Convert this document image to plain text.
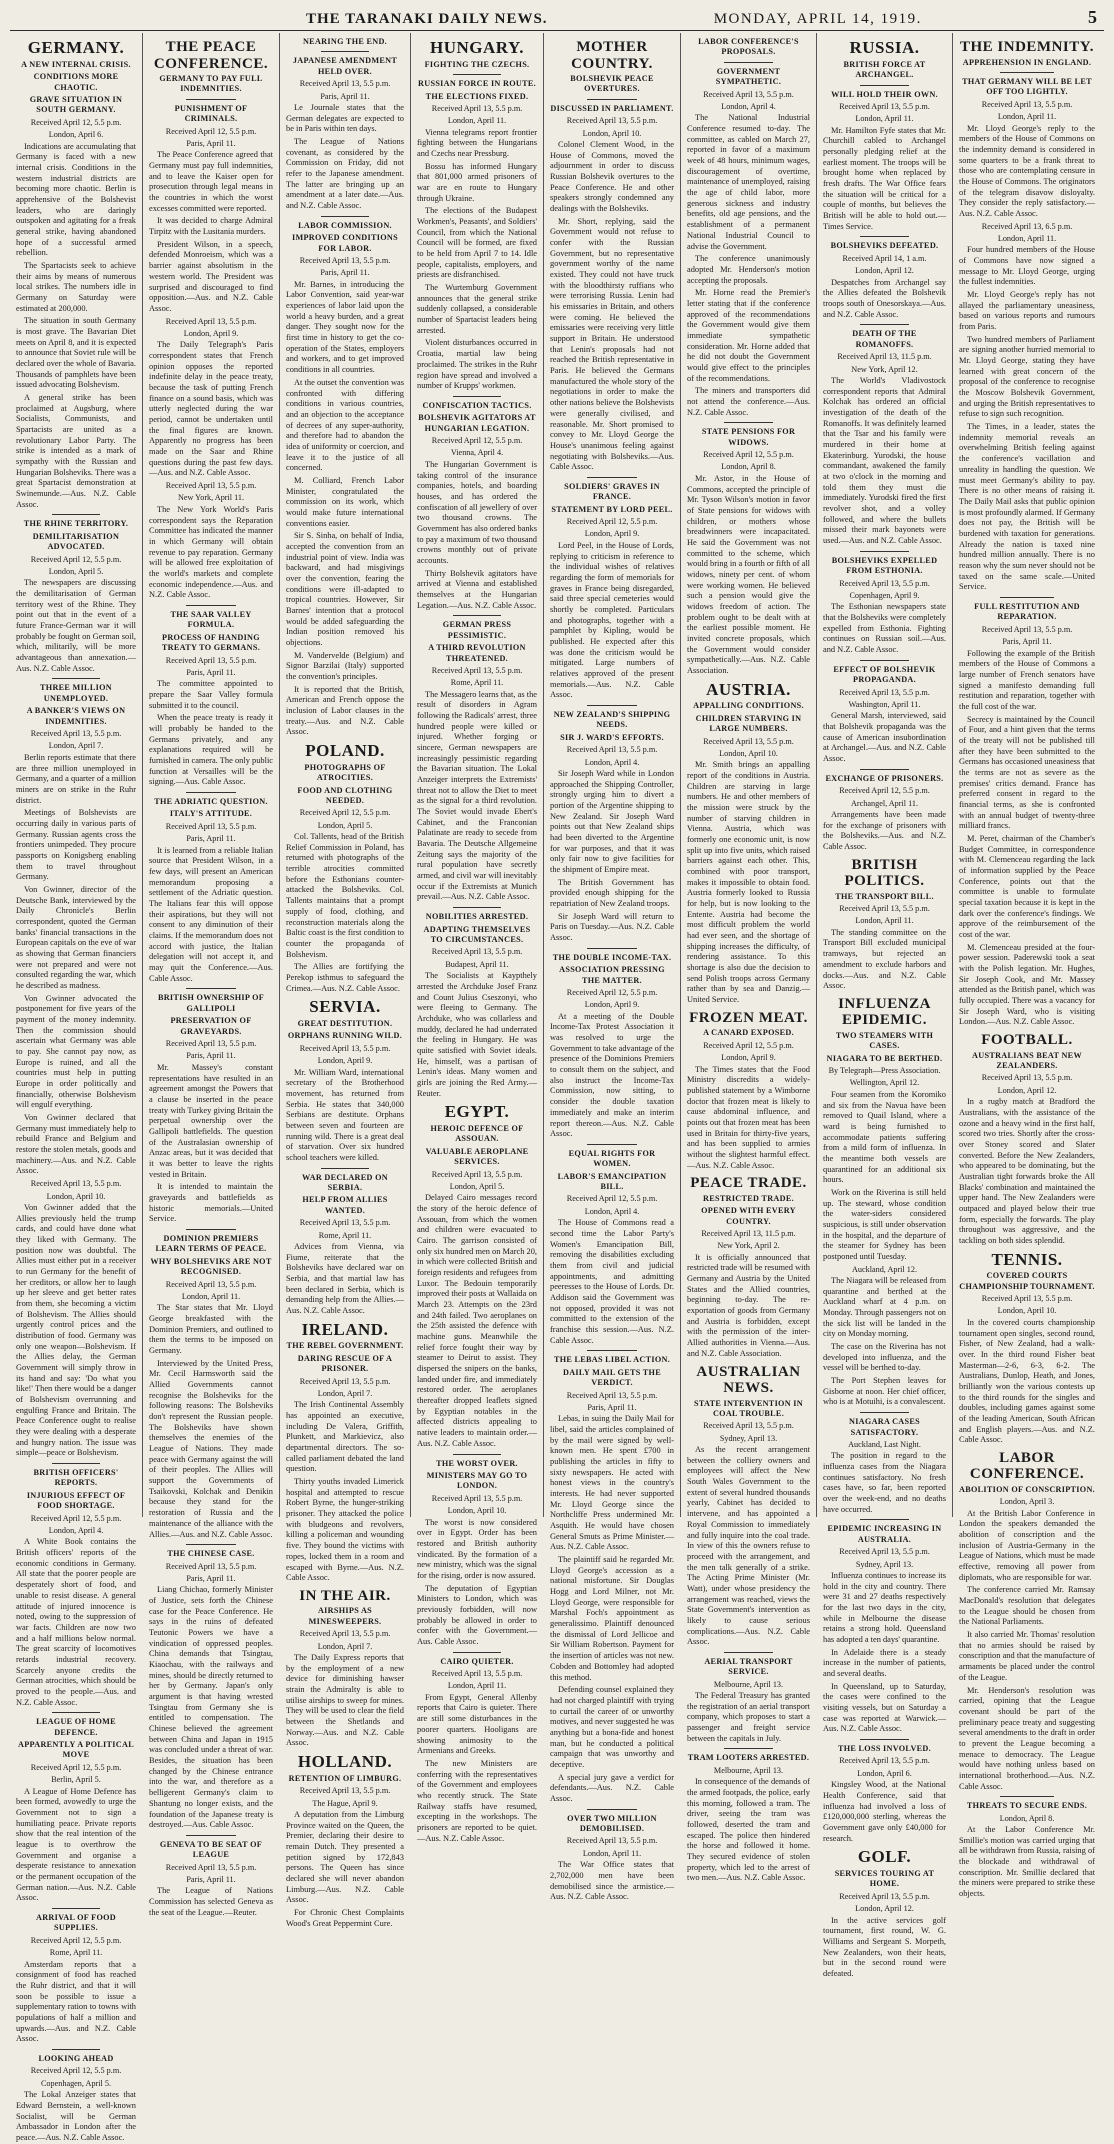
THE TARANAKI DAILY NEWS.	MONDAY, APRIL 14, 1919.	5
GERMANY.
A NEW INTERNAL CRISIS.
CONDITIONS MORE CHAOTIC.
GRAVE SITUATION IN SOUTH GERMANY.
Received April 12, 5.5 p.m.
London, April 6.

Indications are accumulating that Germany is faced with a new internal crisis. Conditions in the western industrial districts are becoming more chaotic. Berlin is apprehensive of the Bolshevist leaders, who are daringly outspoken and agitating for a freak general strike, having abandoned hope of a successful armed rebellion.

The Spartacists seek to achieve their aims by means of numerous local strikes. The numbers idle in Germany on Saturday were estimated at 200,000.

The situation in south Germany is most grave. The Bavarian Diet meets on April 8, and it is expected to announce that Soviet rule will be declared over the whole of Bavaria. Thousands of pamphlets have been issued advocating Bolshevism.

A general strike has been proclaimed at Augsburg, where Socialists, Communists, and Spartacists are united as a revolutionary Labor Party. The strike is intended as a mark of sympathy with the Russian and Hungarian Bolsheviks. There was a great Spartacist demonstration at Swinemunde.—Aus. N.Z. Cable Assoc.

THE RHINE TERRITORY.
DEMILITARISATION ADVOCATED.
Received April 12, 5.5 p.m.
London, April 5.

The newspapers are discussing the demilitarisation of German territory west of the Rhine. They point out that in the event of a future France-German war it will probably be fought on German soil, which, militarily, will be more advantageous than annexation.—Aus. N.Z. Cable Assoc.

THREE MILLION UNEMPLOYED.
A BANKER'S VIEWS ON INDEMNITIES.
Received April 13, 5.5 p.m.
London, April 7.

Berlin reports estimate that there are three million unemployed in Germany, and a quarter of a million miners are on strike in the Ruhr district.

Meetings of Bolshevists are occurring daily in various parts of Germany. Russian agents cross the frontiers unimpeded. They procure passports on Konigsberg enabling them to travel throughout Germany.

Von Gwinner, director of the Deutsche Bank, interviewed by the Daily Chronicle's Berlin correspondent, quoted the German banks' financial transactions in the European capitals on the eve of war as showing that German financiers were not prepared and were not consulted regarding the war, which he described as madness.

Von Gwinner advocated the postponement for five years of the payment of the money indemnity. Then the commission should ascertain what Germany was able to pay. She cannot pay now, as Europe is ruined, and all the countries must help in putting Europe in order politically and financially, otherwise Bolshevism will engulf everything.

Von Gwinner declared that Germany must immediately help to rebuild France and Belgium and restore the stolen metals, goods and machinery.—Aus. and N.Z. Cable Assoc.

Received April 13, 5.5 p.m.
London, April 10.

Von Gwinner added that the Allies previously held the trump cards, and could have done what they liked with Germany. The position now was doubtful. The Allies must either put in a receiver to run Germany for the benefit of her creditors, or allow her to laugh up her sleeve and get better rates from them, she becoming a victim of Bolshevism. The Allies should urgently control prices and the distribution of food. Germany was only one weapon—Bolshevism. If the Allies delay, the German Government will simply throw in its hand and say: 'Do what you like!' Then there would be a danger of Bolshevism overrunning and engulfing France and Britain. The Peace Conference ought to realise they were dealing with a desperate and hungry nation. The issue was simple—peace or Bolshevism.

BRITISH OFFICERS' REPORTS.
INJURIOUS EFFECT OF FOOD SHORTAGE.
Received April 12, 5.5 p.m.
London, April 4.

A White Book contains the British officers' reports of the economic conditions in Germany. All state that the poorer people are desperately short of food, and unable to resist disease. A general attitude of injured innocence is noted, owing to the suppression of war facts. Children are now two and a half millions below normal. The great scarcity of locomotives retards industrial recovery. Scarcely anyone credits the German atrocities, which should be proved to the people.—Aus. and N.Z. Cable Assoc.

LEAGUE OF HOME DEFENCE.
APPARENTLY A POLITICAL MOVE
Received April 12, 5.5 p.m.
Berlin, April 5.

A League of Home Defence has been formed, avowedly to urge the Government not to sign a humiliating peace. Private reports show that the real intention of the league is to overthrow the Government and organise a desperate resistance to annexation or the permanent occupation of the German nation.—Aus. N.Z. Cable Assoc.

ARRIVAL OF FOOD SUPPLIES.
Received April 12, 5.5 p.m.
Rome, April 11.

Amsterdam reports that a consignment of food has reached the Ruhr district, and that it will soon be possible to issue a supplementary ration to towns with populations of half a million and upwards.—Aus. and N.Z. Cable Assoc.

LOOKING AHEAD
Received April 12, 5.5 p.m.
Copenhagen, April 5.

The Lokal Anzeiger states that Edward Bernstein, a well-known Socialist, will be German Ambassador in London after the peace.—Aus. N.Z. Cable Assoc.

THE PEACE CONFERENCE.
GERMANY TO PAY FULL INDEMNITIES.
PUNISHMENT OF CRIMINALS.
Received April 12, 5.5 p.m.
Paris, April 11.

The Peace Conference agreed that Germany must pay full indemnities, and to leave the Kaiser open for prosecution through legal means in the countries in which the worst excesses committed were reported.

It was decided to charge Admiral Tirpitz with the Lusitania murders.

President Wilson, in a speech, defended Monroeism, which was a barrier against absolutism in the western world. The President was surprised and discouraged to find opposition.—Aus. and N.Z. Cable Assoc.

Received April 13, 5.5 p.m.
London, April 9.

The Daily Telegraph's Paris correspondent states that French opinion opposes the reported indefinite delay in the peace treaty, because the task of putting French finance on a sound basis, which was utterly neglected during the war period, cannot be undertaken until the final figures are known. Apparently no progress has been made on the Saar and Rhine questions during the past few days.—Aus. and N.Z. Cable Assoc.

Received April 13, 5.5 p.m.
New York, April 11.

The New York World's Paris correspondent says the Reparation Committee has indicated the manner in which Germany will obtain revenue to pay reparation. Germany will be allowed free exploitation of the world's markets and complete economic independence.—Aus. and N.Z. Cable Assoc.

THE SAAR VALLEY FORMULA.
PROCESS OF HANDING TREATY TO GERMANS.
Received April 13, 5.5 p.m.
Paris, April 11.

The committee appointed to prepare the Saar Valley formula submitted it to the council.

When the peace treaty is ready it will probably be handed to the Germans privately, and any explanations required will be furnished in camera. The only public function at Versailles will be the signing.—Aus. Cable Assoc.

THE ADRIATIC QUESTION.
ITALY'S ATTITUDE.
Received April 13, 5.5 p.m.
Paris, April 11.

It is learned from a reliable Italian source that President Wilson, in a few days, will present an American memorandum proposing a settlement of the Adriatic question. The Italians fear this will oppose their aspirations, but they will not consent to any diminution of their claims. If the memorandum does not accord with justice, the Italian delegation will not accept it, and may quit the Conference.—Aus. Cable Assoc.

BRITISH OWNERSHIP OF GALLIPOLI
PRESERVATION OF GRAVEYARDS.
Received April 13, 5.5 p.m.
Paris, April 11.

Mr. Massey's constant representations have resulted in an agreement amongst the Powers that a clause be inserted in the peace treaty with Turkey giving Britain the perpetual ownership over the Gallipoli battlefields. The question of the Australasian ownership of Anzac areas, but it was decided that it was better to leave the rights vested in Britain.

It is intended to maintain the graveyards and battlefields as historic memorials.—United Service.

DOMINION PREMIERS LEARN TERMS OF PEACE.
WHY BOLSHEVIKS ARE NOT RECOGNISED.
Received April 13, 5.5 p.m.
London, April 11.

The Star states that Mr. Lloyd George breakfasted with the Dominion Premiers, and outlined to them the terms to be imposed on Germany.

Interviewed by the United Press, Mr. Cecil Harmsworth said the Allied Governments cannot recognise the Bolsheviks for the following reasons: The Bolsheviks don't represent the Russian people. The Bolsheviks have shown themselves the enemies of the League of Nations. They made peace with Germany against the will of their peoples. The Allies will support the Governments of Tsaikovski, Kolchak and Denikin because they stand for the restoration of Russia and the maintenance of the alliance with the Allies.—Aus. and N.Z. Cable Assoc.

THE CHINESE CASE.
Received April 13, 5.5 p.m.
Paris, April 11.

Liang Chichao, formerly Minister of Justice, sets forth the Chinese case for the Peace Conference. He says in the ruins of defeated Teutonic Powers we have a vindication of oppressed peoples. China demands that Tsingtau, Kiaochau, with the railways and mines, should be directly returned to her by Germany. Japan's only argument is that having wrested Tsingtau from Germany she is entitled to compensation. The Chinese believed the agreement between China and Japan in 1915 was concluded under a threat of war. Besides, the situation has been changed by the Chinese entrance into the war, and therefore as a belligerent Germany's claim to Shantung no longer exists, and the foundation of the Japanese treaty is destroyed.—Aus. Cable Assoc.

GENEVA TO BE SEAT OF LEAGUE
Received April 13, 5.5 p.m.
Paris, April 11.

The League of Nations Commission has selected Geneva as the seat of the League.—Reuter.

NEARING THE END.
JAPANESE AMENDMENT HELD OVER.
Received April 13, 5.5 p.m.
Paris, April 11.

Le Journale states that the German delegates are expected to be in Paris within ten days.

The League of Nations covenant, as considered by the Commission on Friday, did not refer to the Japanese amendment. The latter are bringing up an amendment at a later date.—Aus. and N.Z. Cable Assoc.

LABOR COMMISSION.
IMPROVED CONDITIONS FOR LABOR.
Received April 13, 5.5 p.m.
Paris, April 11.

Mr. Barnes, in introducing the Labor Convention, said year-war experiences of labor laid upon the world a heavy burden, and a great danger. They sought now for the first time in history to get the co-operation of the States, employers and workers, and to get improved conditions in all countries.

At the outset the convention was confronted with differing conditions in various countries, and an objection to the acceptance of decrees of any super-authority, and therefore had to abandon the idea of uniformity or coercion, and leave it to the justice of all concerned.

M. Colliard, French Labor Minister, congratulated the commission on its work, which would make future international conventions easier.

Sir S. Sinha, on behalf of India, accepted the convention from an industrial point of view. India was backward, and had misgivings over the convention, fearing the conditions were ill-adapted to tropical countries. However, Sir Barnes' intention that a protocol would be added safeguarding the Indian position removed his objections.

M. Vandervelde (Belgium) and Signor Barzilai (Italy) supported the convention's principles.

It is reported that the British, American and French oppose the inclusion of Labor clauses in the treaty.—Aus. and N.Z. Cable Assoc.

POLAND.
PHOTOGRAPHS OF ATROCITIES.
FOOD AND CLOTHING NEEDED.
Received April 12, 5.5 p.m.
London, April 5.

Col. Tallents, head of the British Relief Commission in Poland, has returned with photographs of the terrible atrocities committed before the Esthonians counter-attacked the Bolsheviks. Col. Tallents maintains that a prompt supply of food, clothing, and reconstruction materials along the Baltic coast is the first condition to counter the propaganda of Bolshevism.

The Allies are fortifying the Perekop isthmus to safeguard the Crimea.—Aus. N.Z. Cable Assoc.

SERVIA.
GREAT DESTITUTION.
ORPHANS RUNNING WILD.
Received April 13, 5.5 p.m.
London, April 9.

Mr. William Ward, international secretary of the Brotherhood movement, has returned from Serbia. He states that 340,000 Serbians are destitute. Orphans between seven and fourteen are running wild. There is a great deal of starvation. Over six hundred school teachers were killed.

WAR DECLARED ON SERBIA.
HELP FROM ALLIES WANTED.
Received April 13, 5.5 p.m.
Rome, April 11.

Advices from Vienna, via Fiume, reiterate that the Bolsheviks have declared war on Serbia, and that martial law has been declared in Serbia, which is demanding help from the Allies.—Aus. N.Z. Cable Assoc.

IRELAND.
THE REBEL GOVERNMENT.
DARING RESCUE OF A PRISONER.
Received April 13, 5.5 p.m.
London, April 7.

The Irish Continental Assembly has appointed an executive, including De Valera, Griffith, Plunkett, and Markievicz, also departmental directors. The so-called parliament debated the land question.

Thirty youths invaded Limerick hospital and attempted to rescue Robert Byrne, the hunger-striking prisoner. They attacked the police with bludgeons and revolvers, killing a policeman and wounding five. They bound the victims with ropes, locked them in a room and escaped with Byrne.—Aus. N.Z. Cable Assoc.

IN THE AIR.
AIRSHIPS AS MINESWEEPERS.
Received April 13, 5.5 p.m.
London, April 7.

The Daily Express reports that by the employment of a new device for diminishing hawser strain the Admiralty is able to utilise airships to sweep for mines. They will be used to clear the field between the Shetlands and Norway.—Aus. and N.Z. Cable Assoc.

HOLLAND.
RETENTION OF LIMBURG.
Received April 13, 5.5 p.m.
The Hague, April 9.

A deputation from the Limburg Province waited on the Queen, the Premier, declaring their desire to remain Dutch. They presented a petition signed by 172,843 persons. The Queen has since declared she will never abandon Limburg.—Aus. N.Z. Cable Assoc.

For Chronic Chest Complaints Wood's Great Peppermint Cure.

HUNGARY.
FIGHTING THE CZECHS.
RUSSIAN FORCE IN ROUTE.
THE ELECTIONS FIXED.
Received April 13, 5.5 p.m.
London, April 11.

Vienna telegrams report frontier fighting between the Hungarians and Czechs near Pressburg.

Bossu has informed Hungary that 801,000 armed prisoners of war are en route to Hungary through Ukraine.

The elections of the Budapest Workmen's, Peasants', and Soldiers' Council, from which the National Council will be formed, are fixed to be held from April 7 to 14. Idle people, capitalists, employers, and priests are disfranchised.

The Wurtemburg Government announces that the general strike suddenly collapsed, a considerable number of Spartacist leaders being arrested.

Violent disturbances occurred in Croatia, martial law being proclaimed. The strikes in the Ruhr region have spread and involved a number of Krupps' workmen.

CONFISCATION TACTICS.
BOLSHEVIK AGITATORS AT HUNGARIAN LEGATION.
Received April 12, 5.5 p.m.
Vienna, April 4.

The Hungarian Government is taking control of the insurance companies, hotels, and boarding houses, and has ordered the confiscation of all jewellery of over two thousand crowns. The Government has also ordered banks to pay a maximum of two thousand crowns monthly out of private accounts.

Thirty Bolshevik agitators have arrived at Vienna and established themselves at the Hungarian Legation.—Aus. N.Z. Cable Assoc.

GERMAN PRESS PESSIMISTIC.
A THIRD REVOLUTION THREATENED.
Received April 13, 5.5 p.m.
Rome, April 11.

The Messagero learns that, as the result of disorders in Agram following the Radicals' arrest, three hundred people were killed or injured. Whether forging or sincere, German newspapers are increasingly pessimistic regarding the Bavarian situation. The Lokal Anzeiger interprets the Extremists' threat not to allow the Diet to meet as the signal for a third revolution. The Soviet would invade Ebert's Cabinet, and the Franconian Palatinate are ready to secede from Bavaria. The Deutsche Allgemeine Zeitung says the majority of the rural population have secretly armed, and civil war will inevitably occur if the Extremists at Munich prevail.—Aus. N.Z. Cable Assoc.

NOBILITIES ARRESTED.
ADAPTING THEMSELVES TO CIRCUMSTANCES.
Received April 13, 5.5 p.m.
Budapest, April 11.

The Socialists at Kaypthely arrested the Archduke Josef Franz and Count Julius Cseszonyi, who were fleeing to Germany. The Archduke, who was collarless and muddy, declared he had underrated the feeling in Hungary. He was quite satisfied with Soviet ideals. He, himself, was a partisan of Lenin's ideas. Many women and girls are joining the Red Army.—Reuter.

EGYPT.
HEROIC DEFENCE OF ASSOUAN.
VALUABLE AEROPLANE SERVICES.
Received April 13, 5.5 p.m.
London, April 5.

Delayed Cairo messages record the story of the heroic defence of Assouan, from which the women and children were evacuated to Cairo. The garrison consisted of only six hundred men on March 20, in which were collected British and foreign residents and refugees from Luxor. The Bedouin temporarily improved their posts at Wallaida on March 23. Attempts on the 23rd and 24th failed. Two aeroplanes on the 25th assisted the defence with machine guns. Meanwhile the relief force fought their way by steamer to Deirut to assist. They dispersed the snipers on the banks, landed under fire, and immediately restored order. The aeroplanes thereafter dropped leaflets signed by Egyptian notables in the affected districts appealing to native leaders to maintain order.—Aus. N.Z. Cable Assoc.

THE WORST OVER.
MINISTERS MAY GO TO LONDON.
Received April 13, 5.5 p.m.
London, April 10.

The worst is now considered over in Egypt. Order has been restored and British authority vindicated. By the formation of a new ministry, which was the signal for the rising, order is now assured.

The deputation of Egyptian Ministers to London, which was previously forbidden, will now probably be allowed in order to confer with the Government.—Aus. Cable Assoc.

CAIRO QUIETER.
Received April 13, 5.5 p.m.
London, April 11.

From Egypt, General Allenby reports that Cairo is quieter. There are still some disturbances in the poorer quarters. Hooligans are showing animosity to the Armenians and Greeks.

The new Ministers are conferring with the representatives of the Government and employees who recently struck. The State Railway staffs have resumed, excepting in the workshops. The prisoners are reported to be quiet.—Aus. N.Z. Cable Assoc.

MOTHER COUNTRY.
BOLSHEVIK PEACE OVERTURES.
DISCUSSED IN PARLIAMENT.
Received April 13, 5.5 p.m.
London, April 10.

Colonel Clement Wood, in the House of Commons, moved the adjournment in order to discuss Russian Bolshevik overtures to the Peace Conference. He and other speakers strongly condemned any dealings with the Bolsheviks.

Mr. Short, replying, said the Government would not refuse to confer with the Russian Government, but no representative government worthy of the name existed. They could not have truck with the bloodthirsty ruffians who were terrorising Russia. Lenin had his emissaries in Britain, and others were coming. He believed the emissaries were receiving very little support in Britain. He understood that Lenin's proposals had not reached the British representative in Paris. He believed the Germans manufactured the whole story of the negotiations in order to make the other nations believe the Bolshevists were generally civilised, and reasonable. Mr. Short promised to convey to Mr. Lloyd George the House's unanimous feeling against negotiating with Bolsheviks.—Aus. Cable Assoc.

SOLDIERS' GRAVES IN FRANCE.
STATEMENT BY LORD PEEL.
Received April 12, 5.5 p.m.
London, April 9.

Lord Peel, in the House of Lords, replying to criticism in reference to the individual wishes of relatives regarding the form of memorials for graves in France being disregarded, said three special cemeteries would shortly be completed. Particulars and photographs, together with a pamphlet by Kipling, would be published. He expected after this was done the criticism would be mitigated. Large numbers of relatives approved of the present memorials.—Aus. N.Z. Cable Assoc.

NEW ZEALAND'S SHIPPING NEEDS.
SIR J. WARD'S EFFORTS.
Received April 13, 5.5 p.m.
London, April 4.

Sir Joseph Ward while in London approached the Shipping Controller, strongly urging him to divert a portion of the Argentine shipping to New Zealand. Sir Joseph Ward points out that New Zealand ships had been diverted to the Argentine for war purposes, and that it was only fair now to give facilities for the shipment of Empire meat.

The British Government has provided enough shipping for the repatriation of New Zealand troops.

Sir Joseph Ward will return to Paris on Tuesday.—Aus. N.Z. Cable Assoc.

THE DOUBLE INCOME-TAX.
ASSOCIATION PRESSING THE MATTER.
Received April 12, 5.5 p.m.
London, April 9.

At a meeting of the Double Income-Tax Protest Association it was resolved to urge the Government to take advantage of the presence of the Dominions Premiers to consult them on the subject, and also instruct the Income-Tax Commission, now sitting, to consider the double taxation immediately and make an interim report thereon.—Aus. N.Z. Cable Assoc.

EQUAL RIGHTS FOR WOMEN.
LABOR'S EMANCIPATION BILL.
Received April 12, 5.5 p.m.
London, April 4.

The House of Commons read a second time the Labor Party's Women's Emancipation Bill, removing the disabilities excluding them from civil and judicial appointments, and admitting peeresses to the House of Lords. Dr. Addison said the Government was not opposed, provided it was not committed to the extension of the franchise this session.—Aus. N.Z. Cable Assoc.

THE LEBAS LIBEL ACTION.
DAILY MAIL GETS THE VERDICT.
Received April 13, 5.5 p.m.
Paris, April 11.

Lebas, in suing the Daily Mail for libel, said the articles complained of by the mail were signed by well-known men. He spent £700 in publishing the articles in fifty to sixty newspapers. He acted with honest views in the country's interests. He had never supported Mr. Lloyd George since the Northcliffe Press undermined Mr. Asquith. He would have chosen General Smuts as Prime Minister.—Aus. N.Z. Cable Assoc.

The plaintiff said he regarded Mr. Lloyd George's accession as a national misfortune. Sir Douglas Hogg and Lord Milner, not Mr. Lloyd George, were responsible for Marshal Foch's appointment as generalissimo. Plaintiff denounced the dismissal of Lord Jellicoe and Sir William Robertson. Payment for the insertion of articles was not new. Cobden and Bottomley had adopted this method.

Defending counsel explained they had not charged plaintiff with trying to curtail the career of or unworthy motives, and never suggested he was anything but a bona-fide and honest man, but he conducted a political campaign that was unworthy and deceptive.

A special jury gave a verdict for defendants.—Aus. N.Z. Cable Assoc.

OVER TWO MILLION DEMOBILISED.
Received April 13, 5.5 p.m.
London, April 11.

The War Office states that 2,702,000 men have been demobilised since the armistice.—Aus. N.Z. Cable Assoc.

LABOR CONFERENCE'S PROPOSALS.
GOVERNMENT SYMPATHETIC.
Received April 13, 5.5 p.m.
London, April 4.

The National Industrial Conference resumed to-day. The committee, as cabled on March 27, reported in favor of a maximum week of 48 hours, minimum wages, discouragement of overtime, maintenance of unemployed, raising the age of child labor, more generous sickness and industry benefits, old age pensions, and the establishment of a permanent National Industrial Council to advise the Government.

The conference unanimously adopted Mr. Henderson's motion accepting the proposals.

Mr. Horne read the Premier's letter stating that if the conference approved of the recommendations the Government would give them immediate sympathetic consideration. Mr. Horne added that he did not doubt the Government would give effect to the principles of the recommendations.

The miners and transporters did not attend the conference.—Aus. N.Z. Cable Assoc.

STATE PENSIONS FOR WIDOWS.
Received April 12, 5.5 p.m.
London, April 8.

Mr. Astor, in the House of Commons, accepted the principle of Mr. Tyson Wilson's motion in favor of State pensions for widows with children, or mothers whose breadwinners were incapacitated. He said the Government was not committed to the scheme, which would bring in a fourth or fifth of all widows, ninety per cent. of whom were working women. He believed such a pension would give the widows freedom of action. The problem ought to be dealt with at the earliest possible moment. He invited concrete proposals, which the Government would consider sympathetically.—Aus. N.Z. Cable Association.

AUSTRIA.
APPALLING CONDITIONS.
CHILDREN STARVING IN LARGE NUMBERS.
Received April 13, 5.5 p.m.
London, April 10.

Mr. Smith brings an appalling report of the conditions in Austria. Children are starving in large numbers. He and other members of the mission were struck by the number of starving children in Vienna. Austria, which was formerly one economic unit, is now split up into five units, which raised barriers against each other. This, combined with poor transport, makes it impossible to obtain food. Austria formerly looked to Russia for help, but is now looking to the Entente. Austria had become the most difficult problem the world had ever seen, and the shortage of shipping increases the difficulty, of rendering assistance. To this shortage is also due the decision to send Polish troops across Germany rather than by sea and Danzig.—United Service.

FROZEN MEAT.
A CANARD EXPOSED.
Received April 12, 5.5 p.m.
London, April 9.

The Times states that the Food Ministry discredits a widely-published statement by a Wimborne doctor that frozen meat is likely to cause abdominal influence, and points out that frozen meat has been used in Britain for thirty-five years, and has been supplied to armies without the slightest harmful effect.—Aus. N.Z. Cable Assoc.

PEACE TRADE.
RESTRICTED TRADE.
OPENED WITH EVERY COUNTRY.
Received April 13, 11.5 p.m.
New York, April 2.

It is officially announced that restricted trade will be resumed with Germany and Austria by the United States and the Allied countries, beginning to-day. The re-exportation of goods from Germany and Austria is forbidden, except with the permission of the inter-Allied authorities in Vienna.—Aus. and N.Z. Cable Association.

AUSTRALIAN NEWS.
STATE INTERVENTION IN COAL TROUBLE.
Received April 13, 5.5 p.m.
Sydney, April 13.

As the recent arrangement between the colliery owners and employees will affect the New South Wales Government to the extent of several hundred thousands yearly, Cabinet has decided to intervene, and has appointed a Royal Commission to immediately and fully inquire into the coal trade. In view of this the owners refuse to proceed with the arrangement, and the men talk generally of a strike. The Acting Prime Minister (Mr. Watt), under whose presidency the arrangement was reached, views the State Government's intervention as likely to cause serious complications.—Aus. N.Z. Cable Assoc.

AERIAL TRANSPORT SERVICE.
Melbourne, April 13.

The Federal Treasury has granted the registration of an aerial transport company, which proposes to start a passenger and freight service between the capitals in July.

TRAM LOOTERS ARRESTED.
Melbourne, April 13.

In consequence of the demands of the armed footpads, the police, early this morning, followed a tram. The driver, seeing the tram was followed, deserted the tram and escaped. The police then hindered the horse and followed it home. They secured evidence of stolen property, which led to the arrest of two men.—Aus. N.Z. Cable Assoc.

RUSSIA.
BRITISH FORCE AT ARCHANGEL.
WILL HOLD THEIR OWN.
Received April 13, 5.5 p.m.
London, April 11.

Mr. Hamilton Fyfe states that Mr. Churchill cabled to Archangel personally pledging relief at the earliest moment. The troops will be brought home when replaced by fresh drafts. The War Office fears the situation will be critical for a couple of months, but believes the British will be able to hold out.—Times Service.

BOLSHEVIKS DEFEATED.
Received April 14, 1 a.m.
London, April 12.

Despatches from Archangel say the Allies defeated the Bolshevik troops south of Onesorskaya.—Aus. and N.Z. Cable Assoc.

DEATH OF THE ROMANOFFS.
Received April 13, 11.5 p.m.
New York, April 12.

The World's Vladivostock correspondent reports that Admiral Kolchak has ordered an official investigation of the death of the Romanoffs. It was definitely learned that the Tsar and his family were murdered in their home at Ekaterinburg. Yurodski, the house commandant, awakened the family at two o'clock in the morning and told them they must die immediately. Yurodski fired the first revolver shot, and a volley followed, and where the bullets missed their mark bayonets were used.—Aus. and N.Z. Cable Assoc.

BOLSHEVIKS EXPELLED FROM ESTHONIA.
Received April 13, 5.5 p.m.
Copenhagen, April 9.

The Esthonian newspapers state that the Bolsheviks were completely expelled from Esthonia. Fighting continues on Russian soil.—Aus. and N.Z. Cable Assoc.

EFFECT OF BOLSHEVIK PROPAGANDA.
Received April 13, 5.5 p.m.
Washington, April 11.

General Marsh, interviewed, said that Bolshevik propaganda was the cause of American insubordination at Archangel.—Aus. and N.Z. Cable Assoc.

EXCHANGE OF PRISONERS.
Received April 12, 5.5 p.m.
Archangel, April 11.

Arrangements have been made for the exchange of prisoners with the Bolsheviks.—Aus. and N.Z. Cable Assoc.

BRITISH POLITICS.
THE TRANSPORT BILL.
Received April 13, 5.5 p.m.
London, April 11.

The standing committee on the Transport Bill excluded municipal tramways, but rejected an amendment to exclude harbors and docks.—Aus. and N.Z. Cable Assoc.

INFLUENZA EPIDEMIC.
TWO STEAMERS WITH CASES.
NIAGARA TO BE BERTHED.
By Telegraph—Press Association.
Wellington, April 12.

Four seamen from the Koromiko and six from the Navua have been removed to Quail Island, where a ward is being furnished to accommodate patients suffering from a mild form of influenza. In the meantime both vessels are quarantined for an additional six hours.

Work on the Riverina is still held up. The steward, whose condition the water-siders considered suspicious, is still under observation in the hospital, and the departure of the steamer for Sydney has been postponed until Tuesday.

Auckland, April 12.

The Niagara will be released from quarantine and berthed at the Auckland wharf at 4 p.m. on Monday. Through passengers not on the sick list will be landed in the city on Monday morning.

The case on the Riverina has not developed into influenza, and the vessel will be berthed to-day.

The Port Stephen leaves for Gisborne at noon. Her chief officer, who is at Motuihi, is a convalescent.

NIAGARA CASES SATISFACTORY.
Auckland, Last Night.

The position in regard to the influenza cases from the Niagara continues satisfactory. No fresh cases have, so far, been reported over the week-end, and no deaths have occurred.

EPIDEMIC INCREASING IN AUSTRALIA.
Received April 13, 5.5 p.m.
Sydney, April 13.

Influenza continues to increase its hold in the city and country. There were 31 and 27 deaths respectively for the last two days in the city, while in Melbourne the disease retains a strong hold. Queensland has adopted a ten days' quarantine.

In Adelaide there is a steady increase in the number of patients, and several deaths.

In Queensland, up to Saturday, the cases were confined to the visiting vessels, but on Saturday a case was reported at Warwick.—Aus. N.Z. Cable Assoc.

THE LOSS INVOLVED.
Received April 13, 5.5 p.m.
London, April 6.

Kingsley Wood, at the National Health Conference, said that influenza had involved a loss of £120,000,000 sterling, whereas the Government gave only £40,000 for research.

GOLF.
SERVICES TOURING AT HOME.
Received April 13, 5.5 p.m.
London, April 12.

In the active services golf tournament, first round, W. G. Williams and Sergeant S. Morpeth, New Zealanders, won their heats, but in the second round were defeated.

THE INDEMNITY.
APPREHENSION IN ENGLAND.
THAT GERMANY WILL BE LET OFF TOO LIGHTLY.
Received April 13, 5.5 p.m.
London, April 11.

Mr. Lloyd George's reply to the members of the House of Commons on the indemnity demand is considered in some quarters to be a frank threat to those who are contemplating censure in the House of Commons. The originators of the telegram disavow disloyalty. They consider the reply satisfactory.—Aus. N.Z. Cable Assoc.

Received April 13, 6.5 p.m.
London, April 11.

Four hundred members of the House of Commons have now signed a message to Mr. Lloyd George, urging the fullest indemnities.

Mr. Lloyd George's reply has not allayed the parliamentary uneasiness, based on various reports and rumours from Paris.

Two hundred members of Parliament are signing another hurried memorial to Mr. Lloyd George, stating they have learned with great concern of the proposal of the conference to recognise the Moscow Bolshevik Government, and urging the British representatives to refuse to sign such recognition.

The Times, in a leader, states the indemnity memorial reveals an overwhelming British feeling against the conference's vacillation and unreality in handling the question. We must meet Germany's ability to pay. There is no other means of raising it. The Daily Mail asks that public opinion is most profoundly alarmed. If Germany does not pay, the British will be burdened with taxation for generations. Already the nation is taxed nine hundred million annually. There is no reason why the sum never should not be taxed on the same scale.—United Service.

FULL RESTITUTION AND REPARATION.
Received April 13, 5.5 p.m.
Paris, April 11.

Following the example of the British members of the House of Commons a large number of French senators have signed a manifesto demanding full restitution and reparation, together with the full cost of the war.

Secrecy is maintained by the Council of Four, and a hint given that the terms of the treaty will not be published till after they have been submitted to the Germans has occasioned uneasiness that the terms are not as severe as the premises' critics demand. France has preferred consent in regard to the financial terms, as she is confronted with an annual budget of twenty-three milliard francs.

M. Peret, chairman of the Chamber's Budget Committee, in correspondence with M. Clemenceau regarding the lack of information supplied by the Peace Conference, points out that the committee is unable to formulate special taxation because it is kept in the dark over the conference's findings. We approve of the reimbursement of the cost of the war.

M. Clemenceau presided at the four-power session. Paderewski took a seat with the Polish legation. Mr. Hughes, Sir Joseph Cook, and Mr. Massey attended as the British panel, which was fully occupied. There was a vacancy for Sir Joseph Ward, who is visiting London.—Aus. N.Z. Cable Assoc.

FOOTBALL.
AUSTRALIANS BEAT NEW ZEALANDERS.
Received April 13, 5.5 p.m.
London, April 12.

In a rugby match at Bradford the Australians, with the assistance of the ozone and a heavy wind in the first half, scored two tries. Shortly after the cross-over Stoney scored and Slater converted. Before the New Zealanders, who appeared to be dominating, but the Australian tight forwards broke the All Blacks' combination and maintained the upper hand. The New Zealanders were outpaced and played below their true form, especially the forwards. The play throughout was aggressive, and the tackling on both sides splendid.

TENNIS.
COVERED COURTS CHAMPIONSHIP TOURNAMENT.
Received April 13, 5.5 p.m.
London, April 10.

In the covered courts championship tournament open singles, second round, Fisher, of New Zealand, had a walk-over. In the third round Fisher beat Masterman—2-6, 6-3, 6-2. The Australians, Dunlop, Heath, and Jones, brilliantly won the various contests up to the third rounds for the singles and doubles, including games against some of the leading American, South African and English players.—Aus. and N.Z. Cable Assoc.

LABOR CONFERENCE.
ABOLITION OF CONSCRIPTION.
London, April 3.

At the British Labor Conference in London the speakers demanded the abolition of conscription and the inclusion of Austria-Germany in the League of Nations, which must be made effective, removing all power from diplomats, who are responsible for war.

The conference carried Mr. Ramsay MacDonald's resolution that delegates to the League should be chosen from the National Parliaments.

It also carried Mr. Thomas' resolution that no armies should be raised by conscription and that the manufacture of armaments be placed under the control of the League.

Mr. Henderson's resolution was carried, opining that the League covenant should be part of the preliminary peace treaty and suggesting several amendments to the draft in order to prevent the League becoming a menace to democracy. The League would have nothing unless based on international brotherhood.—Aus. N.Z. Cable Assoc.

THREATS TO SECURE ENDS.
London, April 8.

At the Labor Conference Mr. Smillie's motion was carried urging that all be withdrawn from Russia, raising of the blockade and withdrawal of conscription. Mr. Smillie declared that the miners were prepared to strike these objects.
